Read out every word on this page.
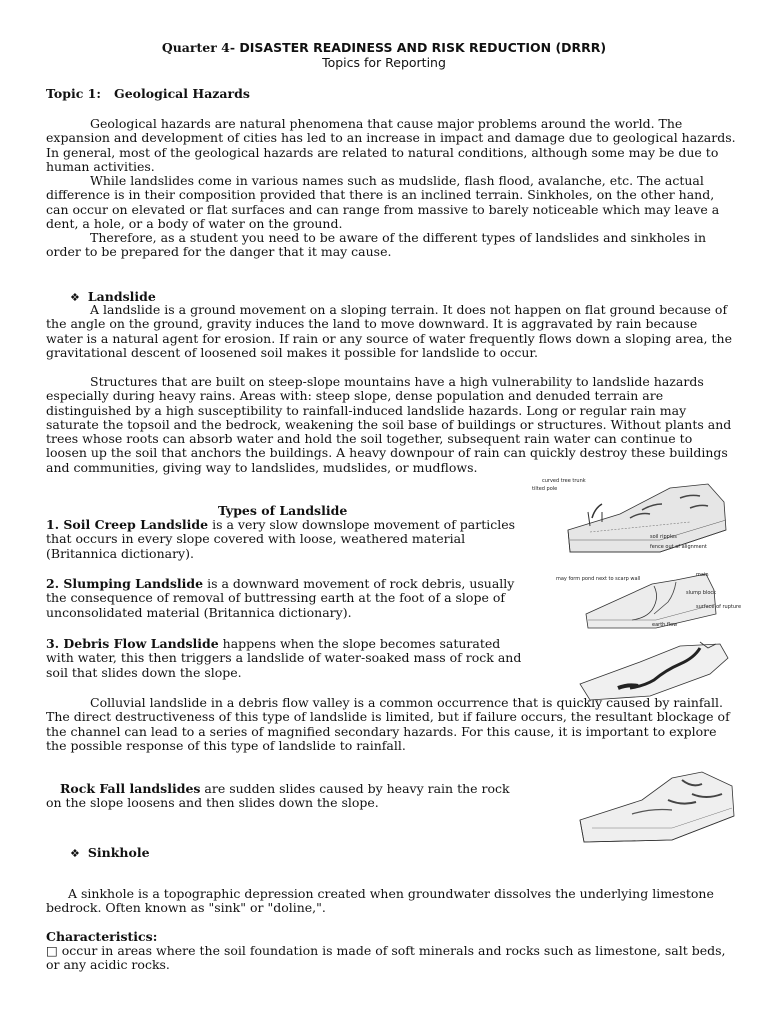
Quarter 4- DISASTER READINESS AND RISK REDUCTION (DRRR)
Topics for Reporting
Topic 1: Geological Hazards
Geological hazards are natural phenomena that cause major problems around the world. The expansion and development of cities has led to an increase in impact and damage due to geological hazards. In general, most of the geological hazards are related to natural conditions, although some may be due to human activities.
While landslides come in various names such as mudslide, flash flood, avalanche, etc. The actual difference is in their composition provided that there is an inclined terrain. Sinkholes, on the other hand, can occur on elevated or flat surfaces and can range from massive to barely noticeable which may leave a dent, a hole, or a body of water on the ground.
Therefore, as a student you need to be aware of the different types of landslides and sinkholes in order to be prepared for the danger that it may cause.
❖ Landslide
A landslide is a ground movement on a sloping terrain. It does not happen on flat ground because of the angle on the ground, gravity induces the land to move downward. It is aggravated by rain because water is a natural agent for erosion. If rain or any source of water frequently flows down a sloping area, the gravitational descent of loosened soil makes it possible for landslide to occur.
Structures that are built on steep-slope mountains have a high vulnerability to landslide hazards especially during heavy rains. Areas with: steep slope, dense population and denuded terrain are distinguished by a high susceptibility to rainfall-induced landslide hazards. Long or regular rain may saturate the topsoil and the bedrock, weakening the soil base of buildings or structures. Without plants and trees whose roots can absorb water and hold the soil together, subsequent rain water can continue to loosen up the soil that anchors the buildings. A heavy downpour of rain can quickly destroy these buildings and communities, giving way to landslides, mudslides, or mudflows.
Types of Landslide
1. Soil Creep Landslide is a very slow downslope movement of particles that occurs in every slope covered with loose, weathered material (Britannica dictionary).
2. Slumping Landslide is a downward movement of rock debris, usually the consequence of removal of buttressing earth at the foot of a slope of unconsolidated material (Britannica dictionary).
3. Debris Flow Landslide happens when the slope becomes saturated with water, this then triggers a landslide of water-soaked mass of rock and soil that slides down the slope.
Colluvial landslide in a debris flow valley is a common occurrence that is quickly caused by rainfall. The direct destructiveness of this type of landslide is limited, but if failure occurs, the resultant blockage of the channel can lead to a series of magnified secondary hazards. For this cause, it is important to explore the possible response of this type of landslide to rainfall.
Rock Fall landslides are sudden slides caused by heavy rain the rock on the slope loosens and then slides down the slope.
❖ Sinkhole
A sinkhole is a topographic depression created when groundwater dissolves the underlying limestone bedrock. Often known as "sink" or "doline,".
Characteristics:
□ occur in areas where the soil foundation is made of soft minerals and rocks such as limestone, salt beds, or any acidic rocks.
curved tree trunk
tilted pole
soil ripples
fence out of alignment
main
may form pond next to scarp wall
slump block
surface of rupture
earth flow
